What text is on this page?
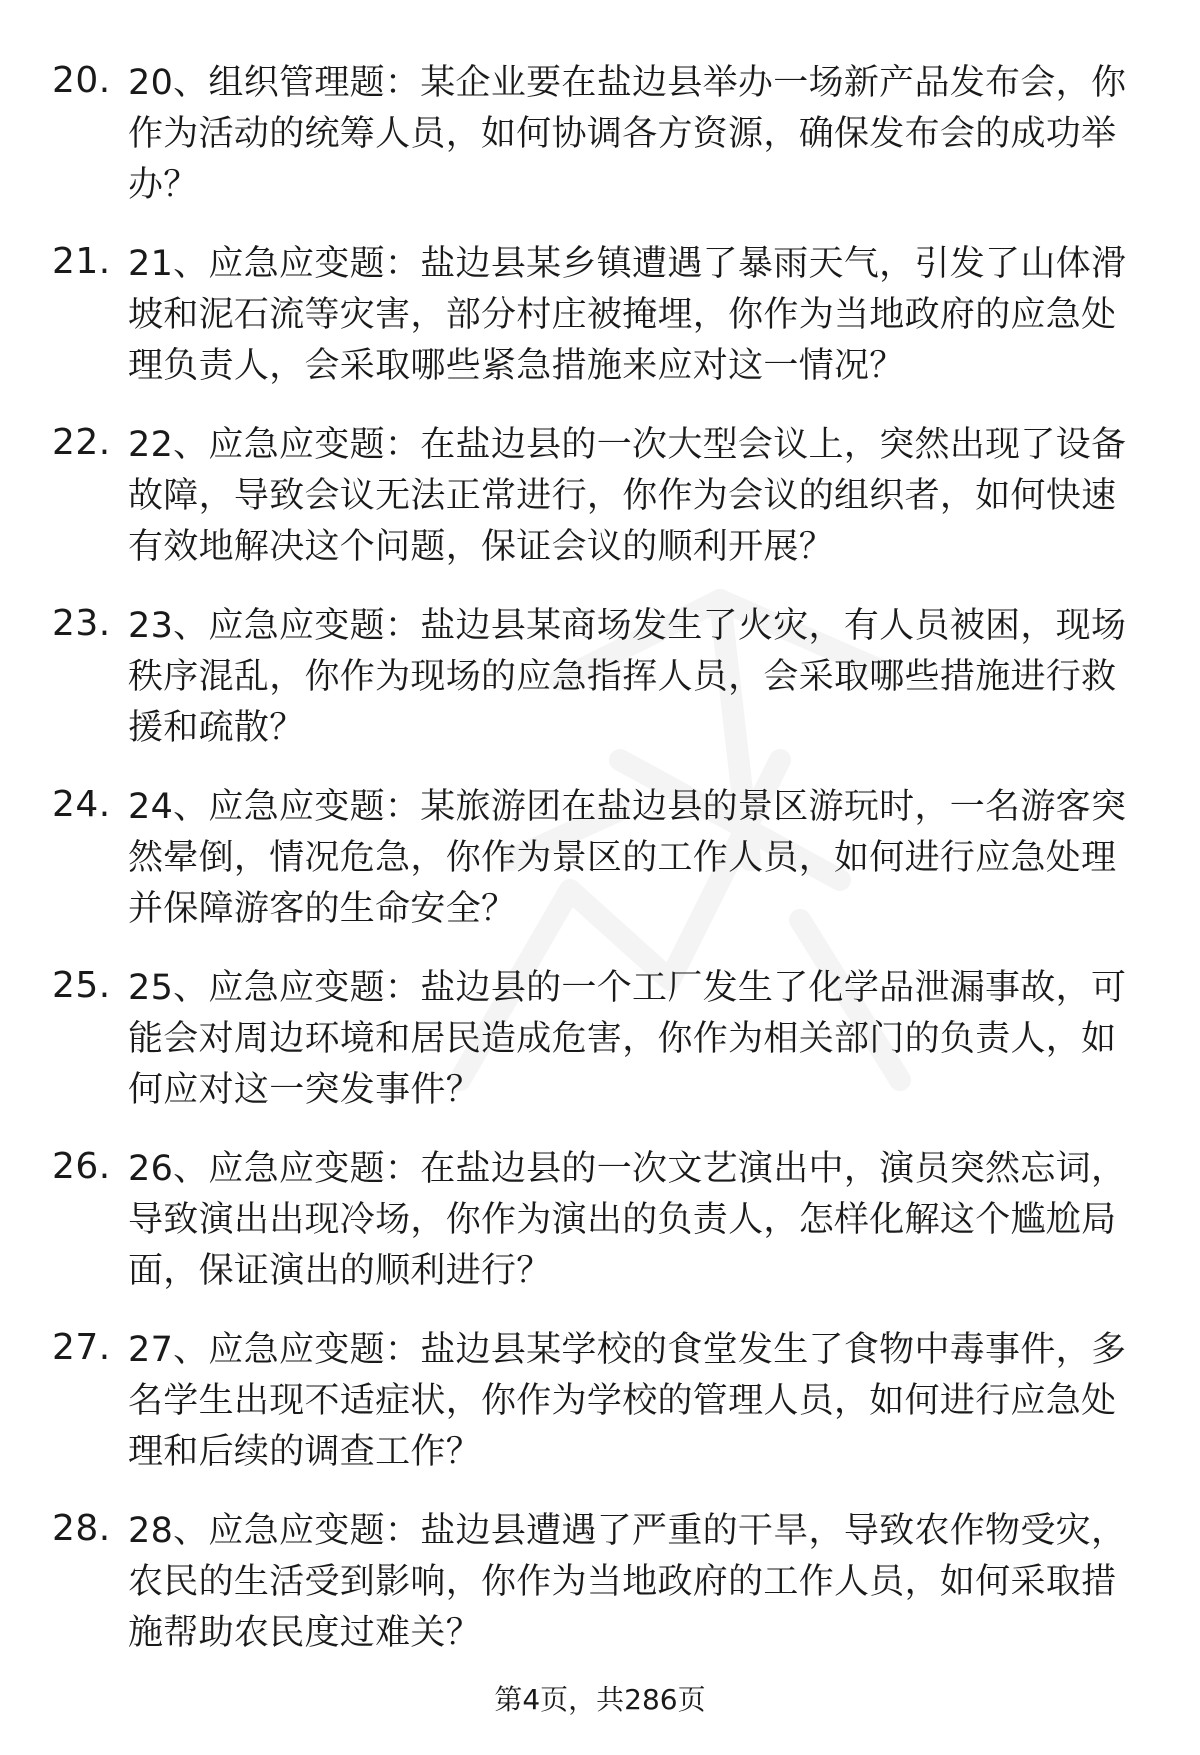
20. 20、组织管理题：某企业要在盐边县举办一场新产品发布会，你作为活动的统筹人员，如何协调各方资源，确保发布会的成功举办？
21. 21、应急应变题：盐边县某乡镇遭遇了暴雨天气，引发了山体滑坡和泥石流等灾害，部分村庄被掩埋，你作为当地政府的应急处理负责人，会采取哪些紧急措施来应对这一情况？
22. 22、应急应变题：在盐边县的一次大型会议上，突然出现了设备故障，导致会议无法正常进行，你作为会议的组织者，如何快速有效地解决这个问题，保证会议的顺利开展？
23. 23、应急应变题：盐边县某商场发生了火灾，有人员被困，现场秩序混乱，你作为现场的应急指挥人员，会采取哪些措施进行救援和疏散？
24. 24、应急应变题：某旅游团在盐边县的景区游玩时，一名游客突然晕倒，情况危急，你作为景区的工作人员，如何进行应急处理并保障游客的生命安全？
25. 25、应急应变题：盐边县的一个工厂发生了化学品泄漏事故，可能会对周边环境和居民造成危害，你作为相关部门的负责人，如何应对这一突发事件？
26. 26、应急应变题：在盐边县的一次文艺演出中，演员突然忘词，导致演出出现冷场，你作为演出的负责人，怎样化解这个尴尬局面，保证演出的顺利进行？
27. 27、应急应变题：盐边县某学校的食堂发生了食物中毒事件，多名学生出现不适症状，你作为学校的管理人员，如何进行应急处理和后续的调查工作？
28. 28、应急应变题：盐边县遭遇了严重的干旱，导致农作物受灾，农民的生活受到影响，你作为当地政府的工作人员，如何采取措施帮助农民度过难关？
第4页，共286页
